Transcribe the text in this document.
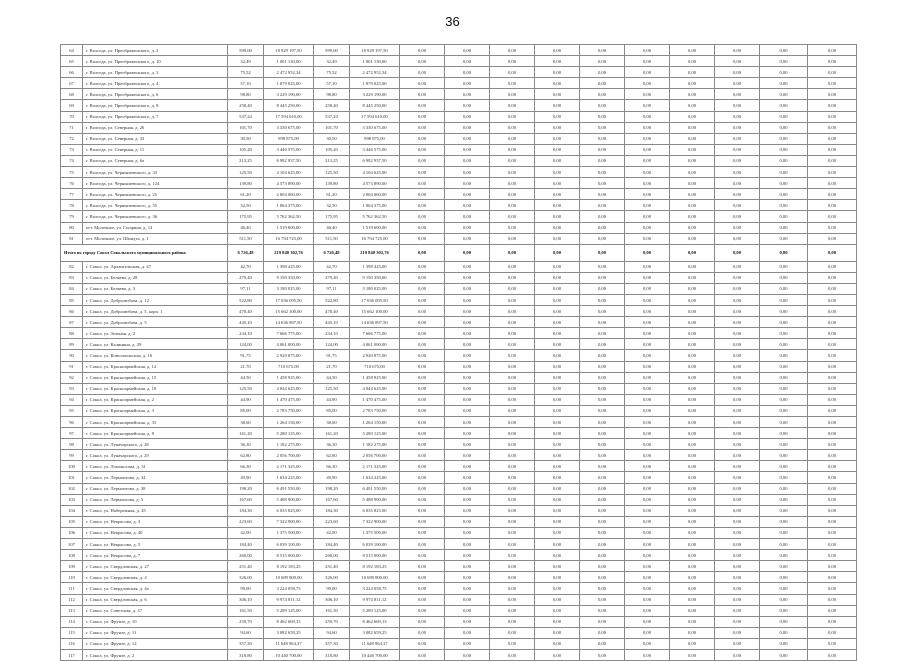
36
64	г. Вологда, ул. Преображенского, д. 2	599,00	18 929 197,50	599,00	18 929 197,50	0,00	0,00	0,00	0,00	0,00	0,00	0,00	0,00	0,00	0,00
65	г. Вологда, ул. Преображенского, д. 10	32,49	1 001 130,00	32,49	1 001 130,00	0,00	0,00	0,00	0,00	0,00	0,00	0,00	0,00	0,00	0,00
66	г. Вологда, ул. Преображенского, д. 3	75,52	2 472 952,34	75,52	2 472 952,34	0,00	0,00	0,00	0,00	0,00	0,00	0,00	0,00	0,00	0,00
67	г. Вологда, ул. Преображенского, д. 4	57,10	1 879 025,00	57,10	1 879 025,00	0,00	0,00	0,00	0,00	0,00	0,00	0,00	0,00	0,00	0,00
68	г. Вологда, ул. Преображенского, д. 6	98,80	3 229 190,00	98,80	3 229 190,00	0,00	0,00	0,00	0,00	0,00	0,00	0,00	0,00	0,00	0,00
69	г. Вологда, ул. Преображенского, д. 8	258,40	8 445 250,00	258,40	8 445 250,00	0,00	0,00	0,00	0,00	0,00	0,00	0,00	0,00	0,00	0,00
70	г. Вологда, ул. Преображенского, д. 7	537,24	17 594 610,00	537,24	17 594 610,00	0,00	0,00	0,00	0,00	0,00	0,00	0,00	0,00	0,00	0,00
71	г. Вологда, ул. Северная, д. 26	101,70	3 330 675,00	101,70	3 330 675,00	0,00	0,00	0,00	0,00	0,00	0,00	0,00	0,00	0,00	0,00
72	г. Вологда, ул. Северная, д. 33	30,50	998 875,00	30,50	998 875,00	0,00	0,00	0,00	0,00	0,00	0,00	0,00	0,00	0,00	0,00
73	г. Вологда, ул. Северная, д. 11	105,20	3 446 575,00	105,20	3 446 575,00	0,00	0,00	0,00	0,00	0,00	0,00	0,00	0,00	0,00	0,00
74	г. Вологда, ул. Северная, д. 6а	213,25	6 982 937,50	213,25	6 982 937,50	0,00	0,00	0,00	0,00	0,00	0,00	0,00	0,00	0,00	0,00
75	г. Вологда, ул. Чернышевского, д. 33	125,50	4 104 625,00	125,50	4 104 625,00	0,00	0,00	0,00	0,00	0,00	0,00	0,00	0,00	0,00	0,00
76	г. Вологда, ул. Чернышевского, д. 124	139,80	4 573 890,00	139,80	4 573 890,00	0,00	0,00	0,00	0,00	0,00	0,00	0,00	0,00	0,00	0,00
77	г. Вологда, ул. Чернышевского, д. 25	61,20	2 004 060,00	61,20	2 004 060,00	0,00	0,00	0,00	0,00	0,00	0,00	0,00	0,00	0,00	0,00
78	г. Вологда, ул. Чернышевского, д. 55	32,50	1 064 375,00	32,50	1 064 375,00	0,00	0,00	0,00	0,00	0,00	0,00	0,00	0,00	0,00	0,00
79	г. Вологда, ул. Чернышевского, д. 36	175,95	5 762 362,50	175,95	5 762 362,50	0,00	0,00	0,00	0,00	0,00	0,00	0,00	0,00	0,00	0,00
80	пгт. Молочное, ул. Гагарина, д. 14	46,40	1 519 600,00	46,40	1 519 600,00	0,00	0,00	0,00	0,00	0,00	0,00	0,00	0,00	0,00	0,00
81	пгт. Молочное, ул. Шмидта, д. 1	511,50	16 794 725,00	511,50	16 794 725,00	0,00	0,00	0,00	0,00	0,00	0,00	0,00	0,00	0,00	0,00
Итого по городу Сокол Сокольского муниципального района		6 726,48	219 840 302,76	6 726,48	219 840 302,76	0,00	0,00	0,00	0,00	0,00	0,00	0,00	0,00	0,00	0,00
82	г. Сокол, ул. Архангельская, д. 47	42,70	1 398 425,00	42,70	1 398 425,00	0,00	0,00	0,00	0,00	0,00	0,00	0,00	0,00	0,00	0,00
83	г. Сокол, ул. Беляева, д. 28	279,40	9 150 350,00	279,40	9 150 350,00	0,00	0,00	0,00	0,00	0,00	0,00	0,00	0,00	0,00	0,00
84	г. Сокол, ул. Беляева, д. 3	97,11	3 180 025,00	97,11	3 180 025,00	0,00	0,00	0,00	0,00	0,00	0,00	0,00	0,00	0,00	0,00
85	г. Сокол, ул. Добролюбова, д. 12	522,80	17 036 095,50	522,80	17 036 095,50	0,00	0,00	0,00	0,00	0,00	0,00	0,00	0,00	0,00	0,00
86	г. Сокол, ул. Добролюбова, д. 5, корп. 1	478,40	15 662 100,00	478,40	15 662 100,00	0,00	0,00	0,00	0,00	0,00	0,00	0,00	0,00	0,00	0,00
87	г. Сокол, ул. Добролюбова, д. 5	445,10	14 636 897,50	445,10	14 636 897,50	0,00	0,00	0,00	0,00	0,00	0,00	0,00	0,00	0,00	0,00
88	г. Сокол, ул. Зеленая, д. 2	234,10	7 666 775,00	234,10	7 666 775,00	0,00	0,00	0,00	0,00	0,00	0,00	0,00	0,00	0,00	0,00
89	г. Сокол, ул. Калинина, д. 29	124,00	4 061 000,00	124,00	4 061 000,00	0,00	0,00	0,00	0,00	0,00	0,00	0,00	0,00	0,00	0,00
90	г. Сокол, ул. Комсомольская, д. 16	91,75	2 920 875,00	91,75	2 920 875,00	0,00	0,00	0,00	0,00	0,00	0,00	0,00	0,00	0,00	0,00
91	г. Сокол, ул. Красноармейская, д. 12	21,70	710 675,00	21,70	710 675,00	0,00	0,00	0,00	0,00	0,00	0,00	0,00	0,00	0,00	0,00
92	г. Сокол, ул. Красноармейская, д. 15	44,50	1 458 925,00	44,50	1 458 925,00	0,00	0,00	0,00	0,00	0,00	0,00	0,00	0,00	0,00	0,00
93	г. Сокол, ул. Красноармейская, д. 18	125,50	4 044 625,00	125,50	4 044 625,00	0,00	0,00	0,00	0,00	0,00	0,00	0,00	0,00	0,00	0,00
94	г. Сокол, ул. Красноармейская, д. 2	44,90	1 470 475,00	44,90	1 470 475,00	0,00	0,00	0,00	0,00	0,00	0,00	0,00	0,00	0,00	0,00
95	г. Сокол, ул. Красноармейская, д. 3	85,00	2 783 750,00	85,00	2 783 750,00	0,00	0,00	0,00	0,00	0,00	0,00	0,00	0,00	0,00	0,00
96	г. Сокол, ул. Красноармейская, д. 35	38,60	1 264 150,00	38,60	1 264 150,00	0,00	0,00	0,00	0,00	0,00	0,00	0,00	0,00	0,00	0,00
97	г. Сокол, ул. Красноармейская, д. 8	161,20	5 280 125,00	161,20	5 280 125,00	0,00	0,00	0,00	0,00	0,00	0,00	0,00	0,00	0,00	0,00
98	г. Сокол, ул. Луначарского, д. 28	36,30	1 182 275,00	36,30	1 182 275,00	0,00	0,00	0,00	0,00	0,00	0,00	0,00	0,00	0,00	0,00
99	г. Сокол, ул. Луначарского, д. 29	62,80	2 056 700,00	62,80	2 056 700,00	0,00	0,00	0,00	0,00	0,00	0,00	0,00	0,00	0,00	0,00
100	г. Сокол, ул. Ломоносова, д. 31	66,30	2 171 325,00	66,30	2 171 325,00	0,00	0,00	0,00	0,00	0,00	0,00	0,00	0,00	0,00	0,00
101	г. Сокол, ул. Лермонтова, д. 34	49,90	1 634 225,00	49,90	1 634 225,00	0,00	0,00	0,00	0,00	0,00	0,00	0,00	0,00	0,00	0,00
102	г. Сокол, ул. Лермонтова, д. 38	198,20	6 491 550,00	198,20	6 491 550,00	0,00	0,00	0,00	0,00	0,00	0,00	0,00	0,00	0,00	0,00
103	г. Сокол, ул. Лермонтова, д. 5	167,60	5 488 900,00	167,60	5 488 900,00	0,00	0,00	0,00	0,00	0,00	0,00	0,00	0,00	0,00	0,00
104	г. Сокол, ул. Набережная, д. 45	184,30	6 035 825,00	184,30	6 035 825,00	0,00	0,00	0,00	0,00	0,00	0,00	0,00	0,00	0,00	0,00
105	г. Сокол, ул. Некрасова, д. 3	223,60	7 322 900,00	223,60	7 322 900,00	0,00	0,00	0,00	0,00	0,00	0,00	0,00	0,00	0,00	0,00
106	г. Сокол, ул. Некрасова, д. 40	42,00	1 375 500,00	42,00	1 375 500,00	0,00	0,00	0,00	0,00	0,00	0,00	0,00	0,00	0,00	0,00
107	г. Сокол, ул. Некрасова, д. 5	184,40	6 039 100,00	184,40	6 039 100,00	0,00	0,00	0,00	0,00	0,00	0,00	0,00	0,00	0,00	0,00
108	г. Сокол, ул. Некрасова, д. 7	260,00	8 515 000,00	260,00	8 515 000,00	0,00	0,00	0,00	0,00	0,00	0,00	0,00	0,00	0,00	0,00
109	г. Сокол, ул. Свердловская, д. 27	251,40	8 192 183,25	251,40	8 192 183,25	0,00	0,00	0,00	0,00	0,00	0,00	0,00	0,00	0,00	0,00
110	г. Сокол, ул. Свердловская, д. 4	326,00	10 689 800,00	326,00	10 689 800,00	0,00	0,00	0,00	0,00	0,00	0,00	0,00	0,00	0,00	0,00
111	г. Сокол, ул. Свердловская, д. 4а	99,00	3 224 058,75	99,00	3 224 058,75	0,00	0,00	0,00	0,00	0,00	0,00	0,00	0,00	0,00	0,00
112	г. Сокол, ул. Свердловская, д. 6	306,10	9 974 811,12	306,10	9 974 811,12	0,00	0,00	0,00	0,00	0,00	0,00	0,00	0,00	0,00	0,00
113	г. Сокол, ул. Советская, д. 37	161,50	5 289 125,00	161,50	5 289 125,00	0,00	0,00	0,00	0,00	0,00	0,00	0,00	0,00	0,00	0,00
114	г. Сокол, ул. Фрунзе, д. 10	259,70	8 462 669,13	259,70	8 462 669,13	0,00	0,00	0,00	0,00	0,00	0,00	0,00	0,00	0,00	0,00
115	г. Сокол, ул. Фрунзе, д. 11	94,60	3 082 659,25	94,60	3 082 659,25	0,00	0,00	0,00	0,00	0,00	0,00	0,00	0,00	0,00	0,00
116	г. Сокол, ул. Фрунзе, д. 12	357,30	11 648 964,37	357,30	11 648 964,37	0,00	0,00	0,00	0,00	0,00	0,00	0,00	0,00	0,00	0,00
117	г. Сокол, ул. Фрунзе, д. 2	318,80	10 440 700,00	318,80	10 440 700,00	0,00	0,00	0,00	0,00	0,00	0,00	0,00	0,00	0,00	0,00
